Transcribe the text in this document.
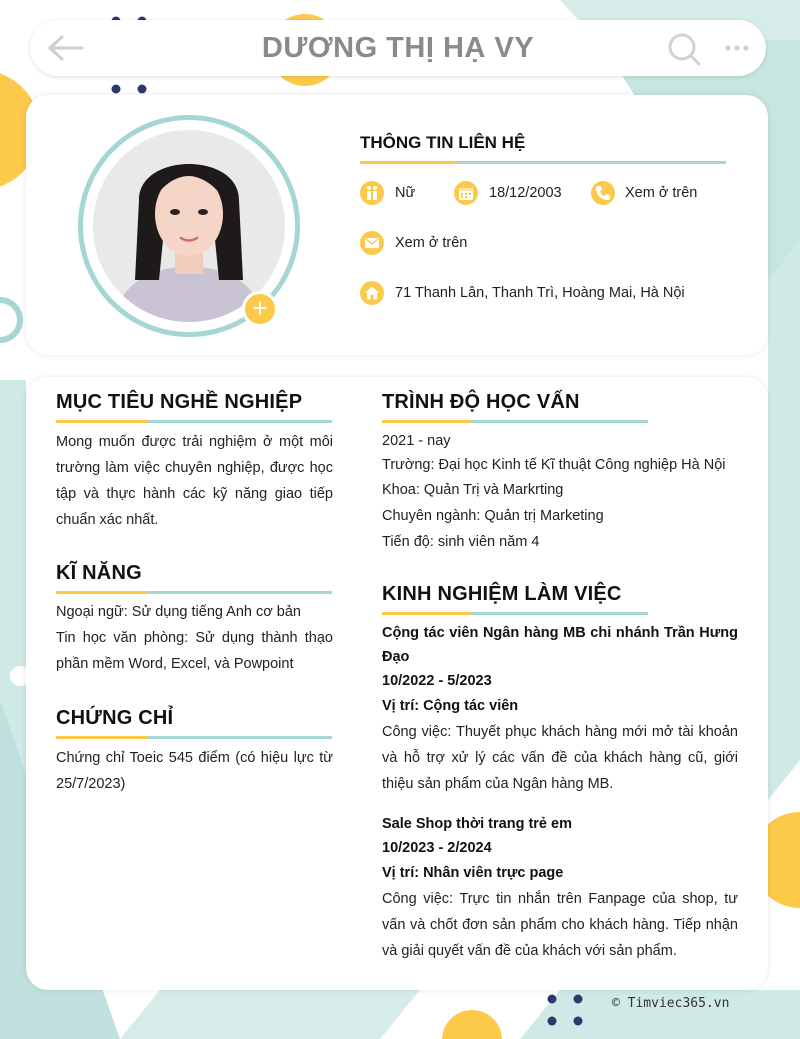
DƯƠNG THỊ HẠ VY
+
THÔNG TIN LIÊN HỆ
Nữ	18/12/2003	Xem ở trên
Xem ở trên
71 Thanh Lân, Thanh Trì, Hoàng Mai, Hà Nội
MỤC TIÊU NGHỀ NGHIỆP
Mong muốn được trải nghiệm ở một môi trường làm việc chuyên nghiệp, được học tập và thực hành các kỹ năng giao tiếp chuẩn xác nhất.
KĨ NĂNG
Ngoại ngữ: Sử dụng tiếng Anh cơ bản
Tin học văn phòng: Sử dụng thành thạo phần mềm Word, Excel, và Powpoint
CHỨNG CHỈ
Chứng chỉ Toeic 545 điểm (có hiệu lực từ 25/7/2023)
TRÌNH ĐỘ HỌC VẤN
2021 - nay
Trường: Đại học Kinh tế Kĩ thuật Công nghiệp Hà Nội
Khoa: Quản Trị và Markrting
Chuyên ngành: Quản trị Marketing
Tiến độ: sinh viên năm 4
KINH NGHIỆM LÀM VIỆC
Cộng tác viên Ngân hàng MB chi nhánh Trần Hưng Đạo
10/2022 - 5/2023
Vị trí: Cộng tác viên
Công việc: Thuyết phục khách hàng mới mở tài khoản và hỗ trợ xử lý các vấn đề của khách hàng cũ, giới thiệu sản phẩm của Ngân hàng MB.
Sale Shop thời trang trẻ em
10/2023 - 2/2024
Vị trí: Nhân viên trực page
Công việc: Trực tin nhắn trên Fanpage của shop, tư vấn và chốt đơn sản phẩm cho khách hàng. Tiếp nhận và giải quyết vấn đề của khách với sản phẩm.
© Timviec365.vn
